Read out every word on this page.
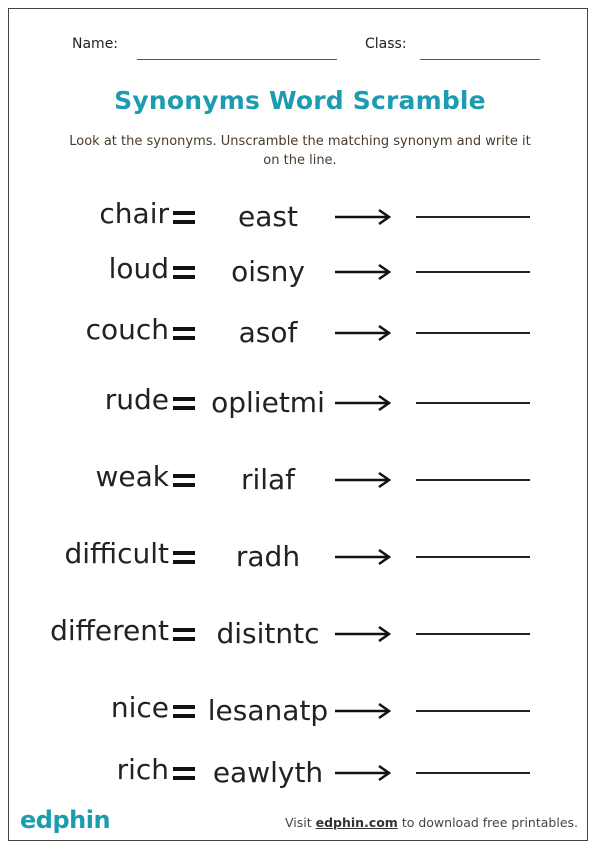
Name:	Class:
Synonyms Word Scramble
Look at the synonyms. Unscramble the matching synonym and write it on the line.
chair	east
loud	oisny
couch	asof
rude oplietmi
weak	rilaf
difficult	radh
different	disitntc
nice lesanatp
rich	eawlyth
edphin	Visit edphin.com to download free printables.
